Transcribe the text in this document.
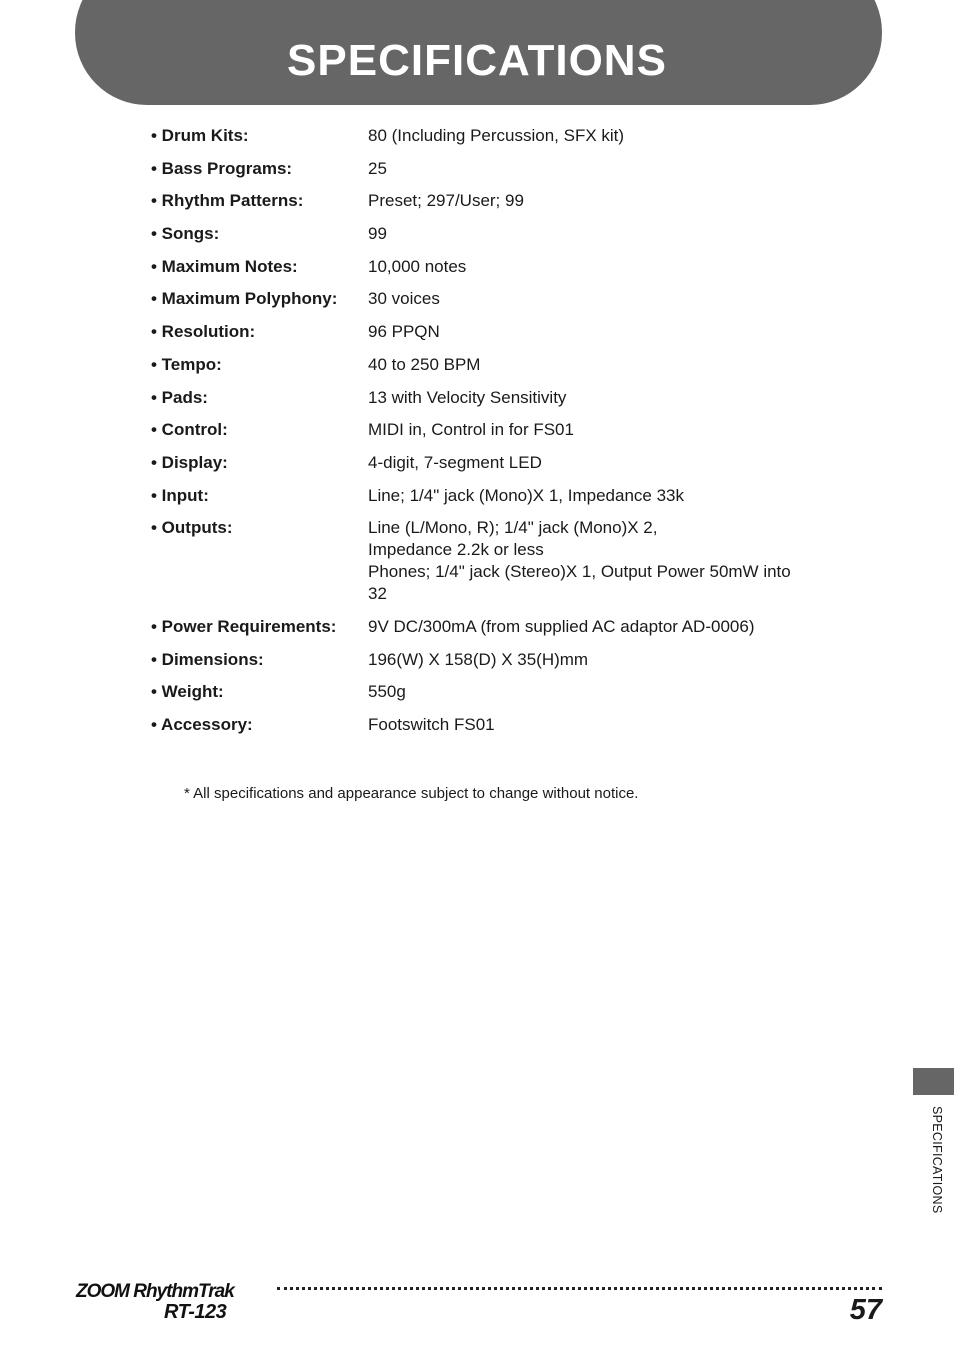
SPECIFICATIONS
• Drum Kits:	80 (Including Percussion, SFX kit)
• Bass Programs:	25
• Rhythm Patterns:	Preset; 297/User; 99
• Songs:	99
• Maximum Notes:	10,000 notes
• Maximum Polyphony:	30 voices
• Resolution:	96 PPQN
• Tempo:	40 to 250 BPM
• Pads:	13 with Velocity Sensitivity
• Control:	MIDI in, Control in for FS01
• Display:	4-digit, 7-segment LED
• Input:	Line; 1/4" jack (Mono)X 1, Impedance 33k
• Outputs:	Line (L/Mono, R); 1/4" jack (Mono)X 2,
Impedance 2.2k or less
Phones; 1/4" jack (Stereo)X 1, Output Power 50mW into
32
• Power Requirements:	9V DC/300mA (from supplied AC adaptor AD-0006)
• Dimensions:	196(W) X 158(D) X 35(H)mm
• Weight:	550g
• Accessory:	Footswitch FS01

* All specifications and appearance subject to change without notice.

SPECIFICATIONS
ZOOM RhythmTrak
RT-123	57
